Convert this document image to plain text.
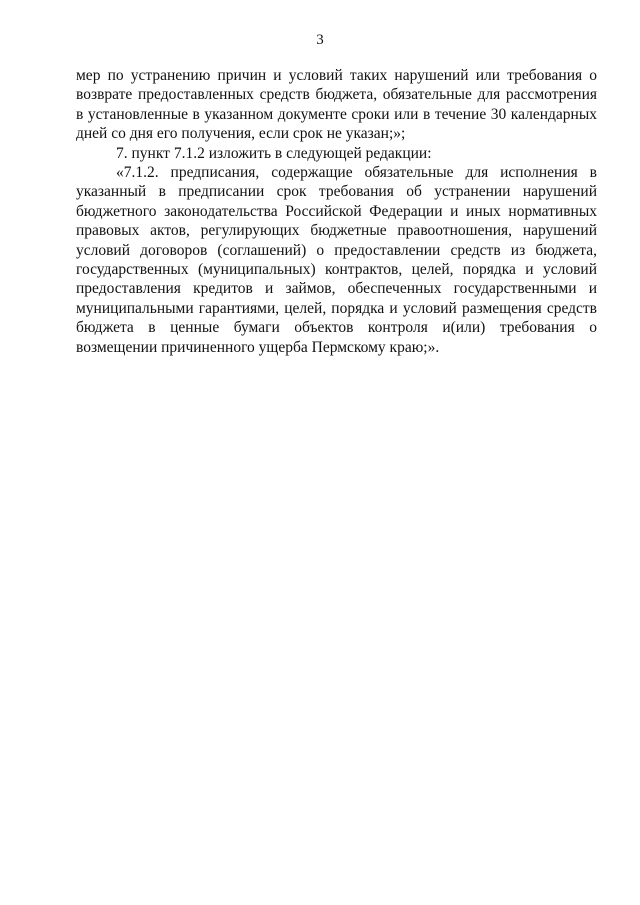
3

мер по устранению причин и условий таких нарушений или требования о возврате предоставленных средств бюджета, обязательные для рассмотрения в установленные в указанном документе сроки или в течение 30 календарных дней со дня его получения, если срок не указан;»;

7. пункт 7.1.2 изложить в следующей редакции:

«7.1.2. предписания, содержащие обязательные для исполнения в указанный в предписании срок требования об устранении нарушений бюджетного законодательства Российской Федерации и иных нормативных правовых актов, регулирующих бюджетные правоотношения, нарушений условий договоров (соглашений) о предоставлении средств из бюджета, государственных (муниципальных) контрактов, целей, порядка и условий предоставления кредитов и займов, обеспеченных государственными и муниципальными гарантиями, целей, порядка и условий размещения средств бюджета в ценные бумаги объектов контроля и(или) требования о возмещении причиненного ущерба Пермскому краю;».
